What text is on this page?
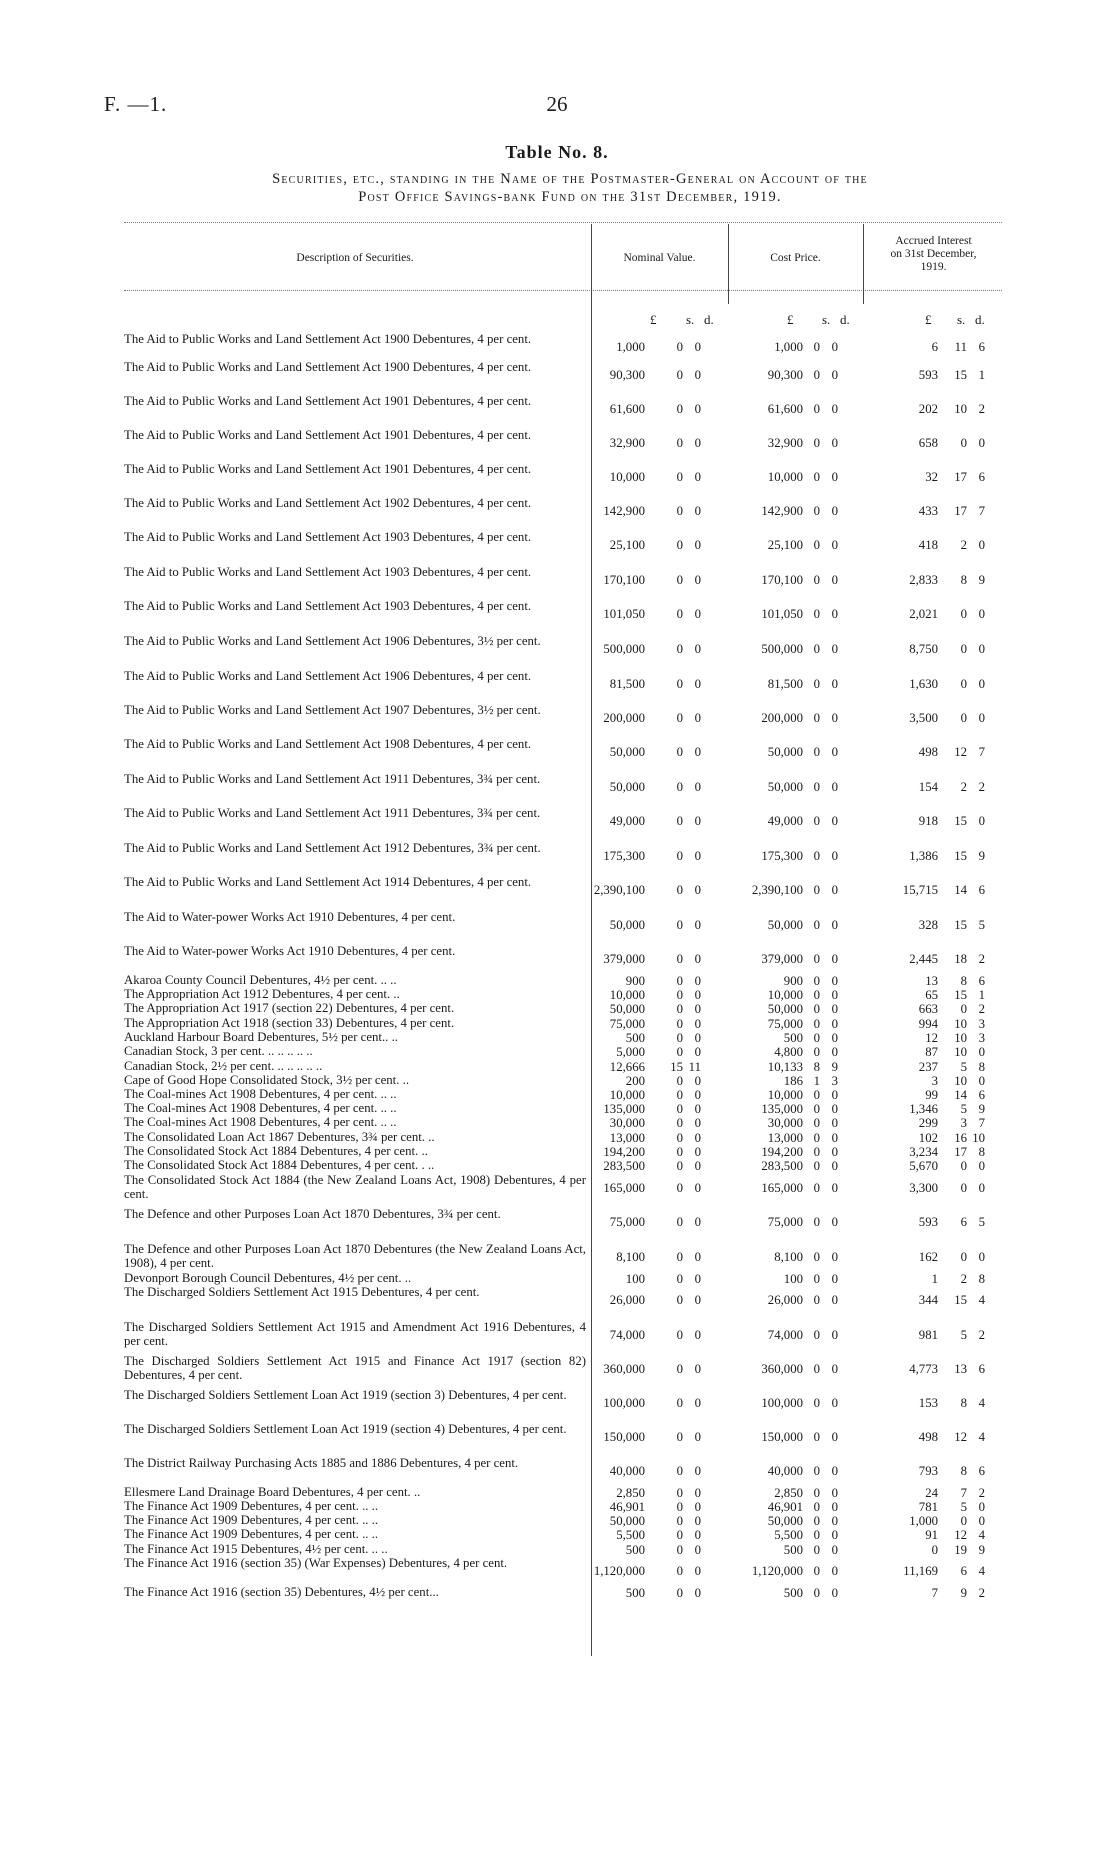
F. —1.	26
Table No. 8.
Securities, etc., standing in the Name of the Postmaster-General on Account of the
Post Office Savings-bank Fund on the 31st December, 1919.
Description of Securities.	Nominal Value.	Cost Price.
Accrued Interest
on 31st December,
1919.
£ s. d.	£ s. d.	£ s. d.
The Aid to Public Works and Land Settlement Act 1900 Debentures, 4 per cent.
1,000 0 0	1,000 0 0	6 11 6
The Aid to Public Works and Land Settlement Act 1900 Debentures, 4 per cent.
90,300 0 0	90,300 0 0	593 15 1
The Aid to Public Works and Land Settlement Act 1901 Debentures, 4 per cent.
61,600 0 0	61,600 0 0	202 10 2
The Aid to Public Works and Land Settlement Act 1901 Debentures, 4 per cent.
32,900 0 0	32,900 0 0	658 0 0
The Aid to Public Works and Land Settlement Act 1901 Debentures, 4 per cent.
10,000 0 0	10,000 0 0	32 17 6
The Aid to Public Works and Land Settlement Act 1902 Debentures, 4 per cent.
142,900 0 0	142,900 0 0	433 17 7
The Aid to Public Works and Land Settlement Act 1903 Debentures, 4 per cent.
25,100 0 0	25,100 0 0	418 2 0
The Aid to Public Works and Land Settlement Act 1903 Debentures, 4 per cent.
170,100 0 0	170,100 0 0	2,833 8 9
The Aid to Public Works and Land Settlement Act 1903 Debentures, 4 per cent.
101,050 0 0	101,050 0 0	2,021 0 0
The Aid to Public Works and Land Settlement Act 1906 Debentures, 3½ per cent.
500,000 0 0	500,000 0 0	8,750 0 0
The Aid to Public Works and Land Settlement Act 1906 Debentures, 4 per cent.
81,500 0 0	81,500 0 0	1,630 0 0
The Aid to Public Works and Land Settlement Act 1907 Debentures, 3½ per cent.
200,000 0 0	200,000 0 0	3,500 0 0
The Aid to Public Works and Land Settlement Act 1908 Debentures, 4 per cent.
50,000 0 0	50,000 0 0	498 12 7
The Aid to Public Works and Land Settlement Act 1911 Debentures, 3¾ per cent.
50,000 0 0	50,000 0 0	154 2 2
The Aid to Public Works and Land Settlement Act 1911 Debentures, 3¾ per cent.
49,000 0 0	49,000 0 0	918 15 0
The Aid to Public Works and Land Settlement Act 1912 Debentures, 3¾ per cent.
175,300 0 0	175,300 0 0	1,386 15 9
The Aid to Public Works and Land Settlement Act 1914 Debentures, 4 per cent.
2,390,100 0 0	2,390,100 0 0	15,715 14 6
The Aid to Water-power Works Act 1910 Debentures, 4 per cent.
50,000 0 0	50,000 0 0	328 15 5
The Aid to Water-power Works Act 1910 Debentures, 4 per cent.
379,000 0 0	379,000 0 0	2,445 18 2
Akaroa County Council Debentures, 4½ per cent. .. ..	900 0 0	900 0 0	13 8 6
The Appropriation Act 1912 Debentures, 4 per cent. ..	10,000 0 0	10,000 0 0	65 15 1
The Appropriation Act 1917 (section 22) Debentures, 4 per cent.	50,000 0 0	50,000 0 0	663 0 2
The Appropriation Act 1918 (section 33) Debentures, 4 per cent.	75,000 0 0	75,000 0 0	994 10 3
Auckland Harbour Board Debentures, 5½ per cent.. ..	500 0 0	500 0 0	12 10 3
Canadian Stock, 3 per cent. .. .. .. .. ..	5,000 0 0	4,800 0 0	87 10 0
Canadian Stock, 2½ per cent. .. .. .. .. ..	12,666 15 11	10,133 8 9	237 5 8
Cape of Good Hope Consolidated Stock, 3½ per cent. ..	200 0 0	186 1 3	3 10 0
The Coal-mines Act 1908 Debentures, 4 per cent. .. ..	10,000 0 0	10,000 0 0	99 14 6
The Coal-mines Act 1908 Debentures, 4 per cent. .. ..	135,000 0 0	135,000 0 0	1,346 5 9
The Coal-mines Act 1908 Debentures, 4 per cent. .. ..	30,000 0 0	30,000 0 0	299 3 7
The Consolidated Loan Act 1867 Debentures, 3¾ per cent. ..	13,000 0 0	13,000 0 0	102 16 10
The Consolidated Stock Act 1884 Debentures, 4 per cent. ..	194,200 0 0	194,200 0 0	3,234 17 8
The Consolidated Stock Act 1884 Debentures, 4 per cent. . ..	283,500 0 0	283,500 0 0	5,670 0 0
The Consolidated Stock Act 1884 (the New Zealand Loans Act, 1908) Debentures, 4 per cent.	165,000 0 0	165,000 0 0	3,300 0 0
The Defence and other Purposes Loan Act 1870 Debentures, 3¾ per cent.
75,000 0 0	75,000 0 0	593 6 5
The Defence and other Purposes Loan Act 1870 Debentures (the New Zealand Loans Act, 1908), 4 per cent.	8,100 0 0	8,100 0 0	162 0 0
Devonport Borough Council Debentures, 4½ per cent. ..	100 0 0	100 0 0	1 2 8
The Discharged Soldiers Settlement Act 1915 Debentures, 4 per cent.
26,000 0 0	26,000 0 0	344 15 4
The Discharged Soldiers Settlement Act 1915 and Amendment Act 1916 Debentures, 4 per cent.	74,000 0 0	74,000 0 0	981 5 2
The Discharged Soldiers Settlement Act 1915 and Finance Act 1917 (section 82) Debentures, 4 per cent.	360,000 0 0	360,000 0 0	4,773 13 6
The Discharged Soldiers Settlement Loan Act 1919 (section 3) Debentures, 4 per cent.
100,000 0 0	100,000 0 0	153 8 4
The Discharged Soldiers Settlement Loan Act 1919 (section 4) Debentures, 4 per cent.
150,000 0 0	150,000 0 0	498 12 4
The District Railway Purchasing Acts 1885 and 1886 Debentures, 4 per cent.
40,000 0 0	40,000 0 0	793 8 6
Ellesmere Land Drainage Board Debentures, 4 per cent. ..	2,850 0 0	2,850 0 0	24 7 2
The Finance Act 1909 Debentures, 4 per cent. .. ..	46,901 0 0	46,901 0 0	781 5 0
The Finance Act 1909 Debentures, 4 per cent. .. ..	50,000 0 0	50,000 0 0	1,000 0 0
The Finance Act 1909 Debentures, 4 per cent. .. ..	5,500 0 0	5,500 0 0	91 12 4
The Finance Act 1915 Debentures, 4½ per cent. .. ..	500 0 0	500 0 0	0 19 9
The Finance Act 1916 (section 35) (War Expenses) Debentures, 4 per cent.
1,120,000 0 0	1,120,000 0 0	11,169 6 4
The Finance Act 1916 (section 35) Debentures, 4½ per cent...	500 0 0	500 0 0	7 9 2
